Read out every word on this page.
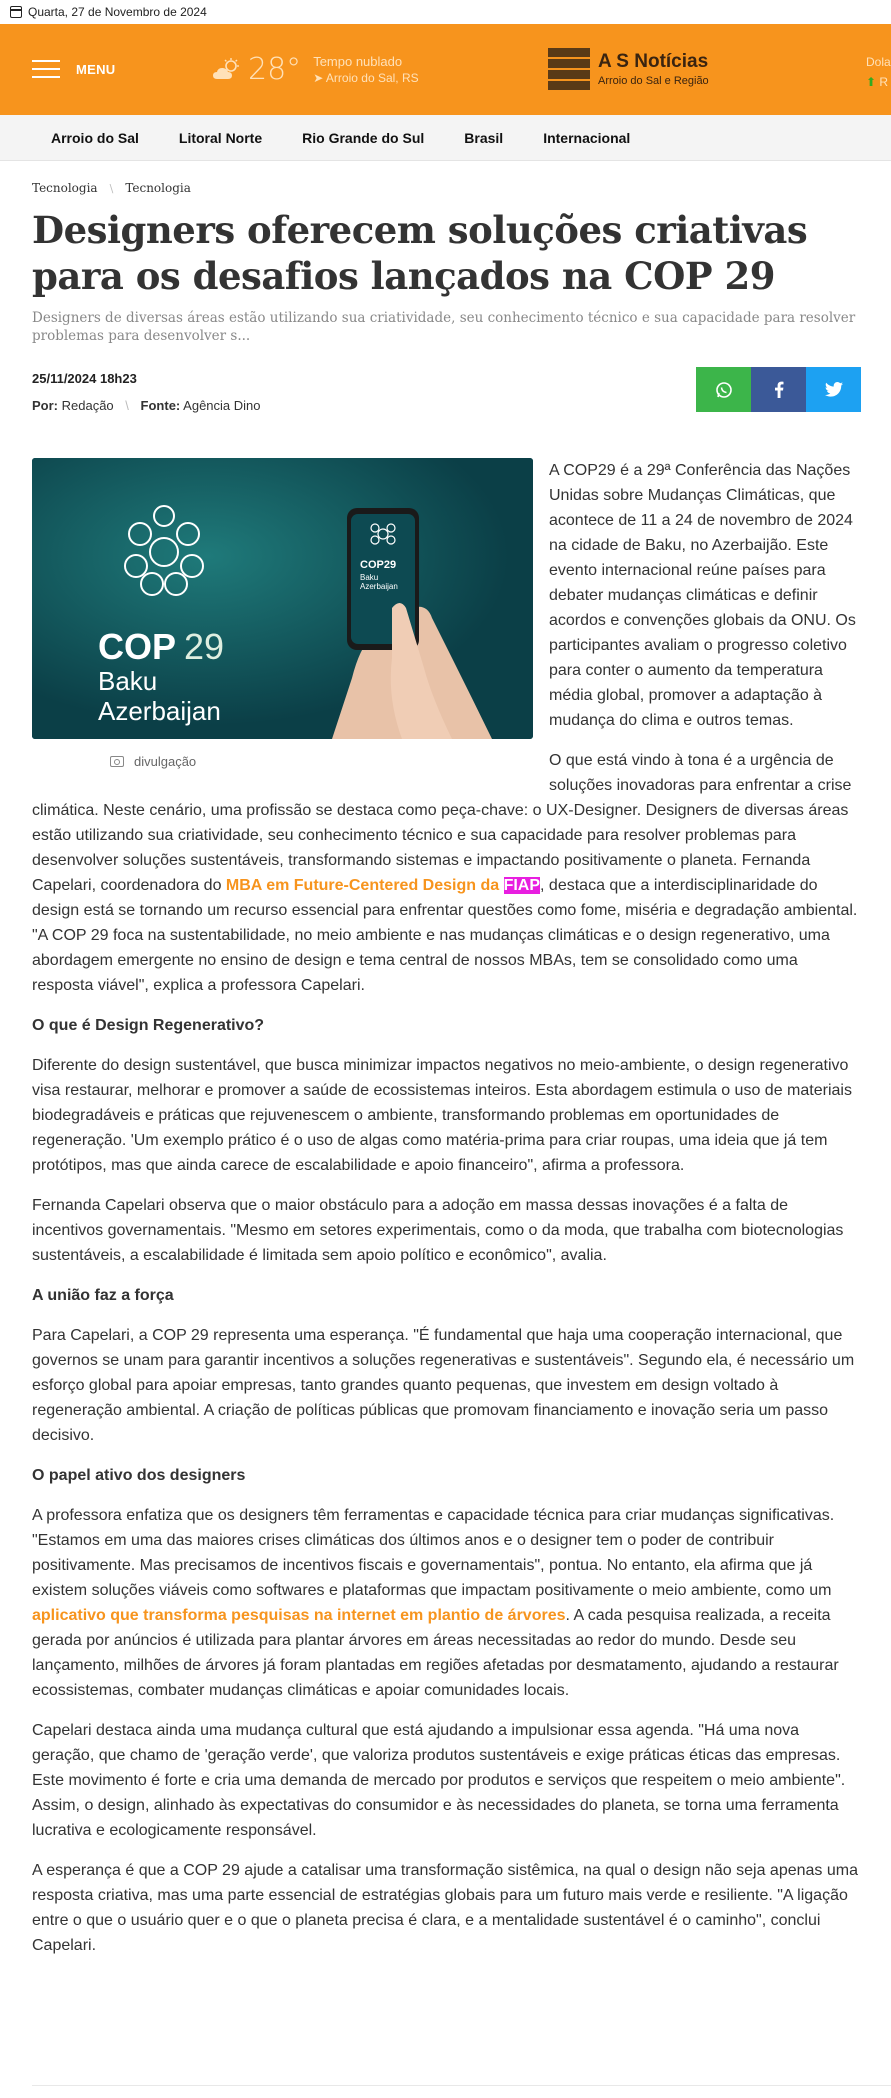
Quarta, 27 de Novembro de 2024
MENU	28° Tempo nublado
➤ Arroio do Sal, RS
A S Notícias
Arroio do Sal e Região
Dola
⬆ R
Arroio do Sal	Litoral Norte	Rio Grande do Sul	Brasil	Internacional
Tecnologia \ Tecnologia
Designers oferecem soluções criativas para os desafios lançados na COP 29

Designers de diversas áreas estão utilizando sua criatividade, seu conhecimento técnico e sua capacidade para resolver problemas para desenvolver s...

25/11/2024 18h23
Por: Redação \ Fonte: Agência Dino
COP 29
Baku
Azerbaijan
COP29
Baku
Azerbaijan
divulgação

A COP29 é a 29ª Conferência das Nações Unidas sobre Mudanças Climáticas, que acontece de 11 a 24 de novembro de 2024 na cidade de Baku, no Azerbaijão. Este evento internacional reúne países para debater mudanças climáticas e definir acordos e convenções globais da ONU. Os participantes avaliam o progresso coletivo para conter o aumento da temperatura média global, promover a adaptação à mudança do clima e outros temas.

O que está vindo à tona é a urgência de soluções inovadoras para enfrentar a crise climática. Neste cenário, uma profissão se destaca como peça-chave: o UX-Designer. Designers de diversas áreas estão utilizando sua criatividade, seu conhecimento técnico e sua capacidade para resolver problemas para desenvolver soluções sustentáveis, transformando sistemas e impactando positivamente o planeta. Fernanda Capelari, coordenadora do MBA em Future-Centered Design da FIAP, destaca que a interdisciplinaridade do design está se tornando um recurso essencial para enfrentar questões como fome, miséria e degradação ambiental. "A COP 29 foca na sustentabilidade, no meio ambiente e nas mudanças climáticas e o design regenerativo, uma abordagem emergente no ensino de design e tema central de nossos MBAs, tem se consolidado como uma resposta viável", explica a professora Capelari.

O que é Design Regenerativo?

Diferente do design sustentável, que busca minimizar impactos negativos no meio-ambiente, o design regenerativo visa restaurar, melhorar e promover a saúde de ecossistemas inteiros. Esta abordagem estimula o uso de materiais biodegradáveis e práticas que rejuvenescem o ambiente, transformando problemas em oportunidades de regeneração. 'Um exemplo prático é o uso de algas como matéria-prima para criar roupas, uma ideia que já tem protótipos, mas que ainda carece de escalabilidade e apoio financeiro", afirma a professora.

Fernanda Capelari observa que o maior obstáculo para a adoção em massa dessas inovações é a falta de incentivos governamentais. "Mesmo em setores experimentais, como o da moda, que trabalha com biotecnologias sustentáveis, a escalabilidade é limitada sem apoio político e econômico", avalia.

A união faz a força

Para Capelari, a COP 29 representa uma esperança. "É fundamental que haja uma cooperação internacional, que governos se unam para garantir incentivos a soluções regenerativas e sustentáveis". Segundo ela, é necessário um esforço global para apoiar empresas, tanto grandes quanto pequenas, que investem em design voltado à regeneração ambiental. A criação de políticas públicas que promovam financiamento e inovação seria um passo decisivo.

O papel ativo dos designers

A professora enfatiza que os designers têm ferramentas e capacidade técnica para criar mudanças significativas. "Estamos em uma das maiores crises climáticas dos últimos anos e o designer tem o poder de contribuir positivamente. Mas precisamos de incentivos fiscais e governamentais", pontua. No entanto, ela afirma que já existem soluções viáveis como softwares e plataformas que impactam positivamente o meio ambiente, como um aplicativo que transforma pesquisas na internet em plantio de árvores. A cada pesquisa realizada, a receita gerada por anúncios é utilizada para plantar árvores em áreas necessitadas ao redor do mundo. Desde seu lançamento, milhões de árvores já foram plantadas em regiões afetadas por desmatamento, ajudando a restaurar ecossistemas, combater mudanças climáticas e apoiar comunidades locais.

Capelari destaca ainda uma mudança cultural que está ajudando a impulsionar essa agenda. "Há uma nova geração, que chamo de 'geração verde', que valoriza produtos sustentáveis e exige práticas éticas das empresas. Este movimento é forte e cria uma demanda de mercado por produtos e serviços que respeitem o meio ambiente". Assim, o design, alinhado às expectativas do consumidor e às necessidades do planeta, se torna uma ferramenta lucrativa e ecologicamente responsável.

A esperança é que a COP 29 ajude a catalisar uma transformação sistêmica, na qual o design não seja apenas uma resposta criativa, mas uma parte essencial de estratégias globais para um futuro mais verde e resiliente. "A ligação entre o que o usuário quer e o que o planeta precisa é clara, e a mentalidade sustentável é o caminho", conclui Capelari.
